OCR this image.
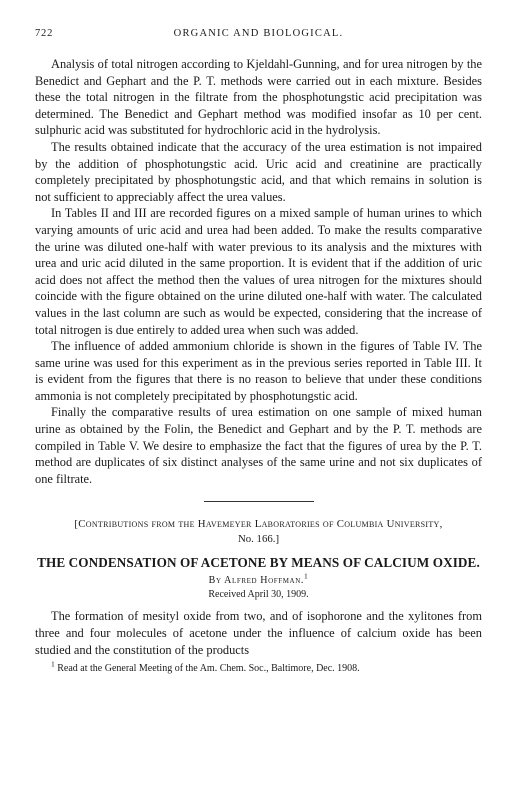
722	ORGANIC AND BIOLOGICAL.

Analysis of total nitrogen according to Kjeldahl-Gunning, and for urea nitrogen by the Benedict and Gephart and the P. T. methods were carried out in each mixture. Besides these the total nitrogen in the filtrate from the phosphotungstic acid precipitation was determined. The Benedict and Gephart method was modified insofar as 10 per cent. sulphuric acid was substituted for hydrochloric acid in the hydrolysis.

The results obtained indicate that the accuracy of the urea estimation is not impaired by the addition of phosphotungstic acid. Uric acid and creatinine are practically completely precipitated by phosphotungstic acid, and that which remains in solution is not sufficient to appreciably affect the urea values.

In Tables II and III are recorded figures on a mixed sample of human urines to which varying amounts of uric acid and urea had been added. To make the results comparative the urine was diluted one-half with water previous to its analysis and the mixtures with urea and uric acid diluted in the same proportion. It is evident that if the addition of uric acid does not affect the method then the values of urea nitrogen for the mixtures should coincide with the figure obtained on the urine diluted one-half with water. The calculated values in the last column are such as would be expected, considering that the increase of total nitrogen is due entirely to added urea when such was added.

The influence of added ammonium chloride is shown in the figures of Table IV. The same urine was used for this experiment as in the previous series reported in Table III. It is evident from the figures that there is no reason to believe that under these conditions ammonia is not completely precipitated by phosphotungstic acid.

Finally the comparative results of urea estimation on one sample of mixed human urine as obtained by the Folin, the Benedict and Gephart and by the P. T. methods are compiled in Table V. We desire to emphasize the fact that the figures of urea by the P. T. method are duplicates of six distinct analyses of the same urine and not six duplicates of one filtrate.

[Contributions from the Havemeyer Laboratories of Columbia University,
No. 166.]
THE CONDENSATION OF ACETONE BY MEANS OF CALCIUM OXIDE.
By Alfred Hoffman.$^1$
Received April 30, 1909.

The formation of mesityl oxide from two, and of isophorone and the xylitones from three and four molecules of acetone under the influence of calcium oxide has been studied and the constitution of the products

$^1$ Read at the General Meeting of the Am. Chem. Soc., Baltimore, Dec. 1908.
